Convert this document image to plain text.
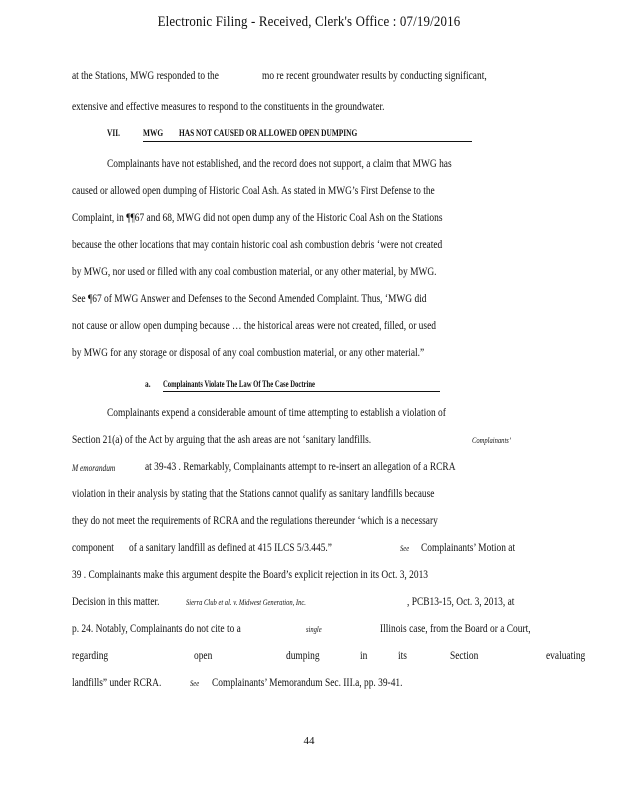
Electronic Filing - Received, Clerk's Office : 07/19/2016
at the Stations, MWG responded to the	mo re recent groundwater results by conducting significant,
extensive and effective measures to respond to the constituents in the groundwater.
VII.	MWG HAS NOT CAUSED OR ALLOWED OPEN DUMPING
Complainants have not established, and the record does not support, a claim that MWG has
caused or allowed open dumping of Historic Coal Ash. As stated in MWG’s First Defense to the
Complaint, in ¶¶67 and 68, MWG did not open dump any of the Historic Coal Ash on the Stations
because the other locations that may contain historic coal ash combustion debris ‘were not created
by MWG, nor used or filled with any coal combustion material, or any other material, by MWG.
See ¶67 of MWG Answer and Defenses to the Second Amended Complaint. Thus, ‘MWG did
not cause or allow open dumping because … the historical areas were not created, filled, or used
by MWG for any storage or disposal of any coal combustion material, or any other material.”
a. Complainants Violate The Law Of The Case Doctrine
Complainants expend a considerable amount of time attempting to establish a violation of
Section 21(a) of the Act by arguing that the ash areas are not ‘sanitary landfills.	Complainants’
M emorandum	at 39-43 . Remarkably, Complainants attempt to re-insert an allegation of a RCRA
violation in their analysis by stating that the Stations cannot qualify as sanitary landfills because
they do not meet the requirements of RCRA and the regulations thereunder ‘which is a necessary
component of a sanitary landfill as defined at 415 ILCS 5/3.445.”	See Complainants’ Motion at
39 . Complainants make this argument despite the Board’s explicit rejection in its Oct. 3, 2013
Decision in this matter.	Sierra Club et al. v. Midwest Generation, Inc.	, PCB13-15, Oct. 3, 2013, at
p. 24. Notably, Complainants do not cite to a	single	Illinois case, from the Board or a Court,
regarding	open	dumping	in	its	Section	evaluating
landfills” under RCRA.	See Complainants’ Memorandum Sec. III.a, pp. 39-41.
44
